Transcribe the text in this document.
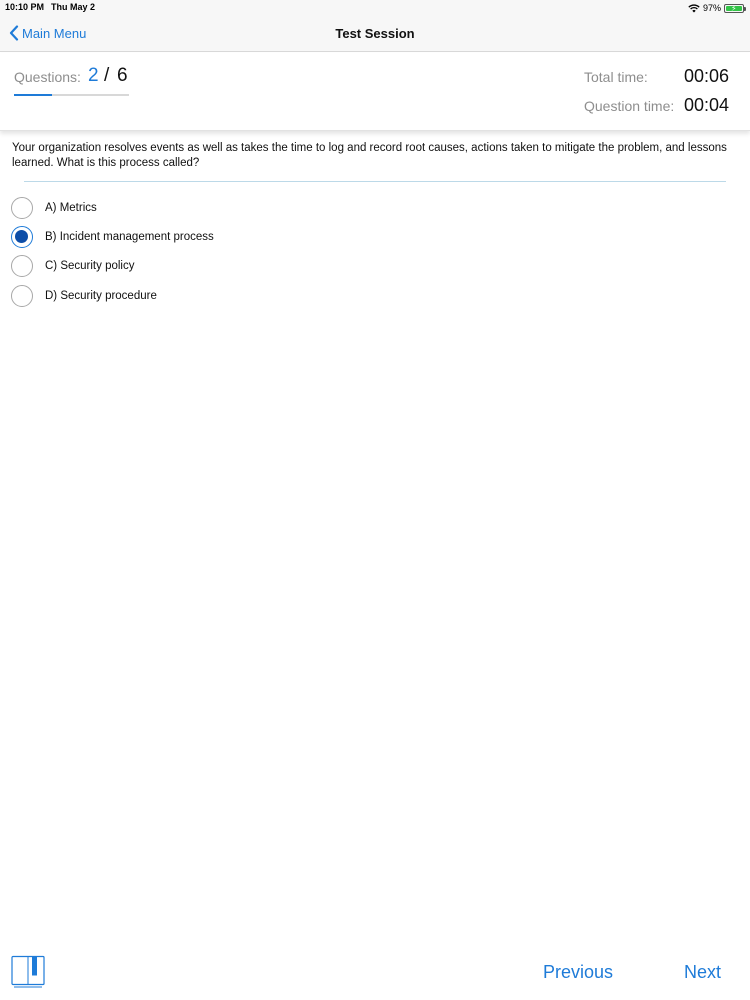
10:10 PM Thu May 2	97% ⚡
Main Menu	Test Session
Questions: 2 / 6	Total time: 00:06
Question time: 00:04
Your organization resolves events as well as takes the time to log and record root causes, actions taken to mitigate the problem, and lessons learned. What is this process called?
A) Metrics
B) Incident management process
C) Security policy
D) Security procedure
Previous	Next
